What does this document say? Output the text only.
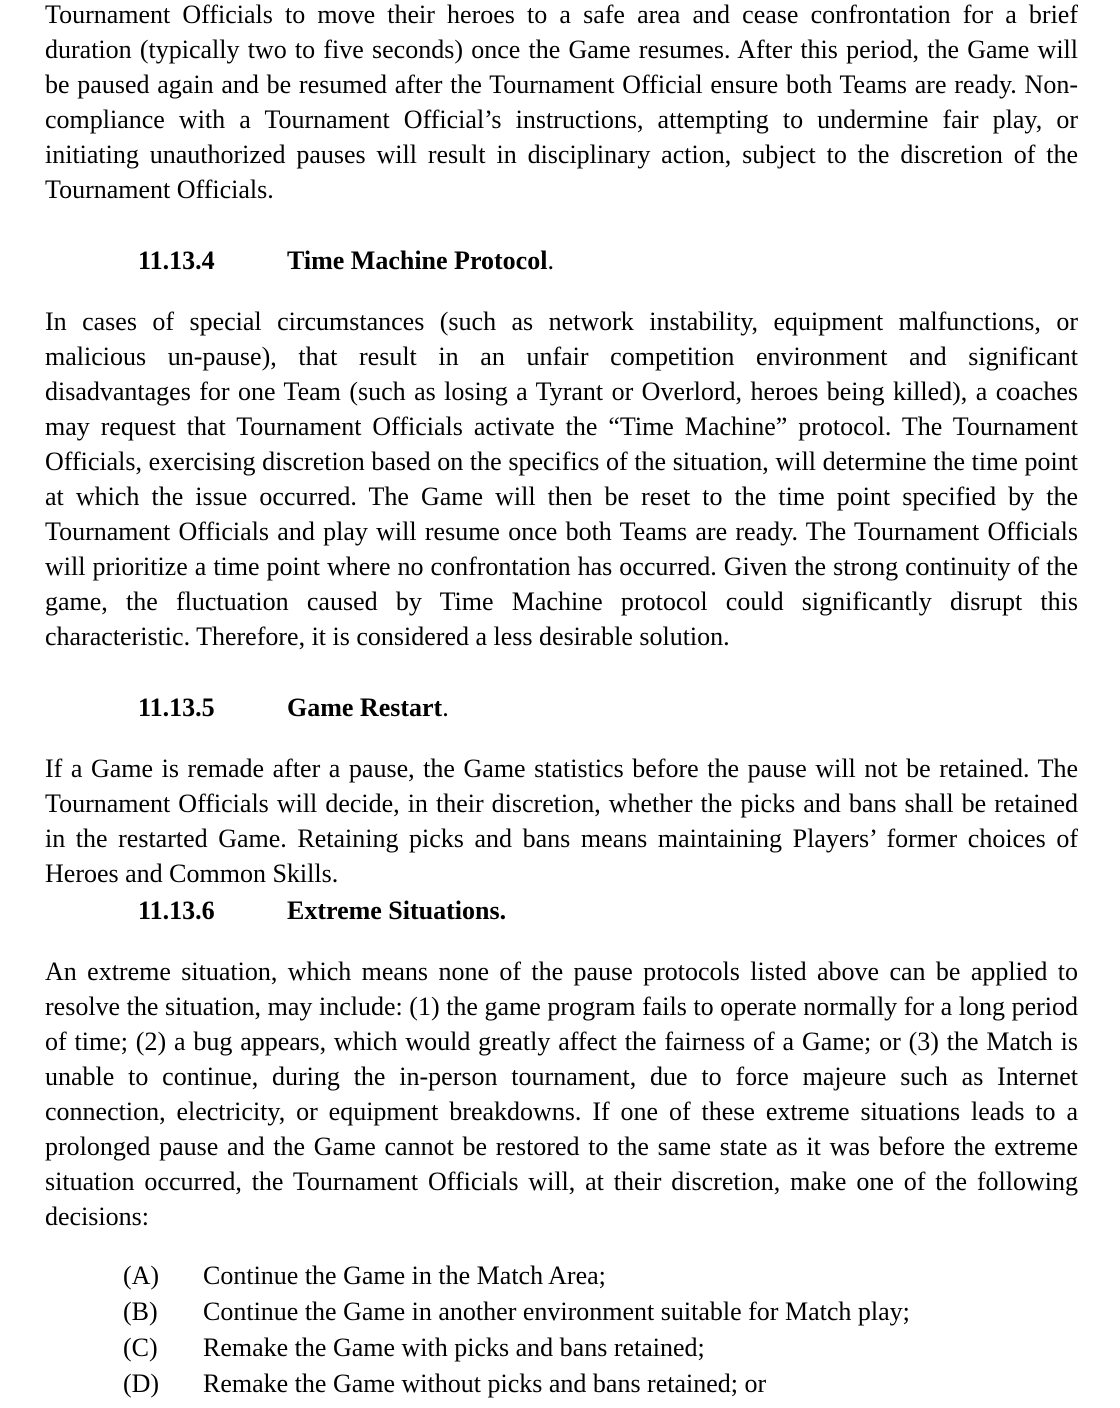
Tournament Officials to move their heroes to a safe area and cease confrontation for a brief duration (typically two to five seconds) once the Game resumes. After this period, the Game will be paused again and be resumed after the Tournament Official ensure both Teams are ready. Non-compliance with a Tournament Official’s instructions, attempting to undermine fair play, or initiating unauthorized pauses will result in disciplinary action, subject to the discretion of the Tournament Officials.

11.13.4	Time Machine Protocol.

In cases of special circumstances (such as network instability, equipment malfunctions, or malicious un-pause), that result in an unfair competition environment and significant disadvantages for one Team (such as losing a Tyrant or Overlord, heroes being killed), a coaches may request that Tournament Officials activate the “Time Machine” protocol. The Tournament Officials, exercising discretion based on the specifics of the situation, will determine the time point at which the issue occurred. The Game will then be reset to the time point specified by the Tournament Officials and play will resume once both Teams are ready. The Tournament Officials will prioritize a time point where no confrontation has occurred. Given the strong continuity of the game, the fluctuation caused by Time Machine protocol could significantly disrupt this characteristic. Therefore, it is considered a less desirable solution.

11.13.5	Game Restart.

If a Game is remade after a pause, the Game statistics before the pause will not be retained. The Tournament Officials will decide, in their discretion, whether the picks and bans shall be retained in the restarted Game. Retaining picks and bans means maintaining Players’ former choices of Heroes and Common Skills.

11.13.6	Extreme Situations.

An extreme situation, which means none of the pause protocols listed above can be applied to resolve the situation, may include: (1) the game program fails to operate normally for a long period of time; (2) a bug appears, which would greatly affect the fairness of a Game; or (3) the Match is unable to continue, during the in-person tournament, due to force majeure such as Internet connection, electricity, or equipment breakdowns. If one of these extreme situations leads to a prolonged pause and the Game cannot be restored to the same state as it was before the extreme situation occurred, the Tournament Officials will, at their discretion, make one of the following decisions:

(A) Continue the Game in the Match Area;
(B) Continue the Game in another environment suitable for Match play;
(C) Remake the Game with picks and bans retained;
(D) Remake the Game without picks and bans retained; or
